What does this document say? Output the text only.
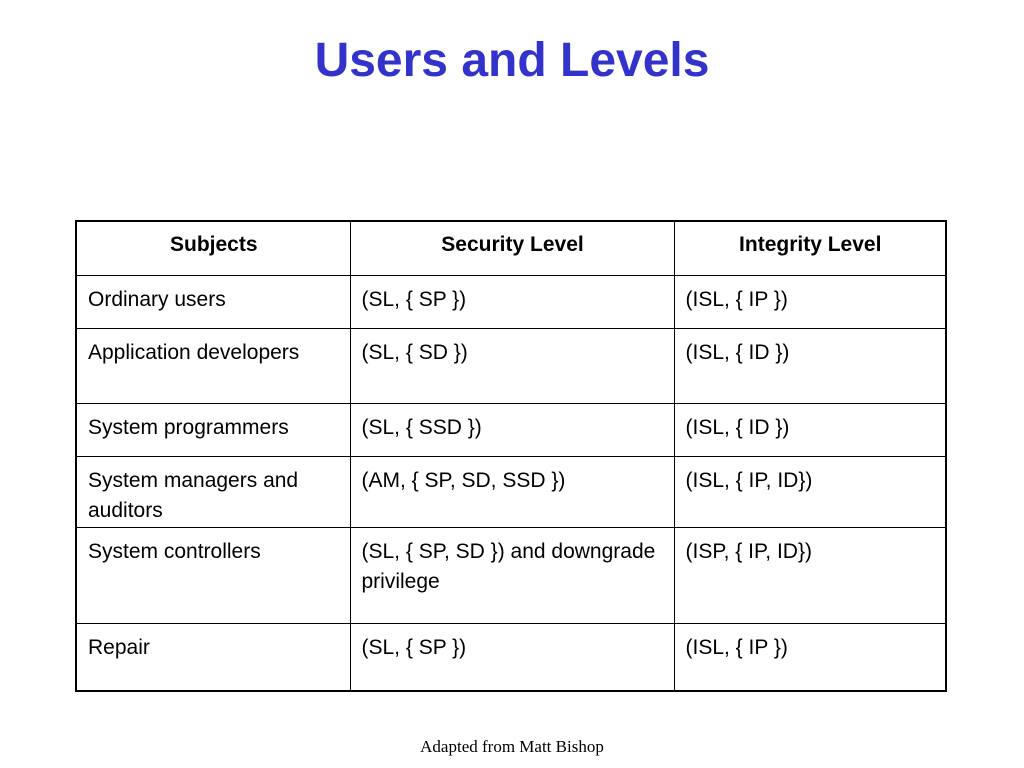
Users and Levels
Subjects	Security Level	Integrity Level
Ordinary users	(SL, { SP })	(ISL, { IP })
Application developers	(SL, { SD })	(ISL, { ID })
System programmers	(SL, { SSD })	(ISL, { ID })
System managers and auditors	(AM, { SP, SD, SSD })	(ISL, { IP, ID})
System controllers	(SL, { SP, SD }) and downgrade privilege	(ISP, { IP, ID})
Repair	(SL, { SP })	(ISL, { IP })
Adapted from Matt Bishop
